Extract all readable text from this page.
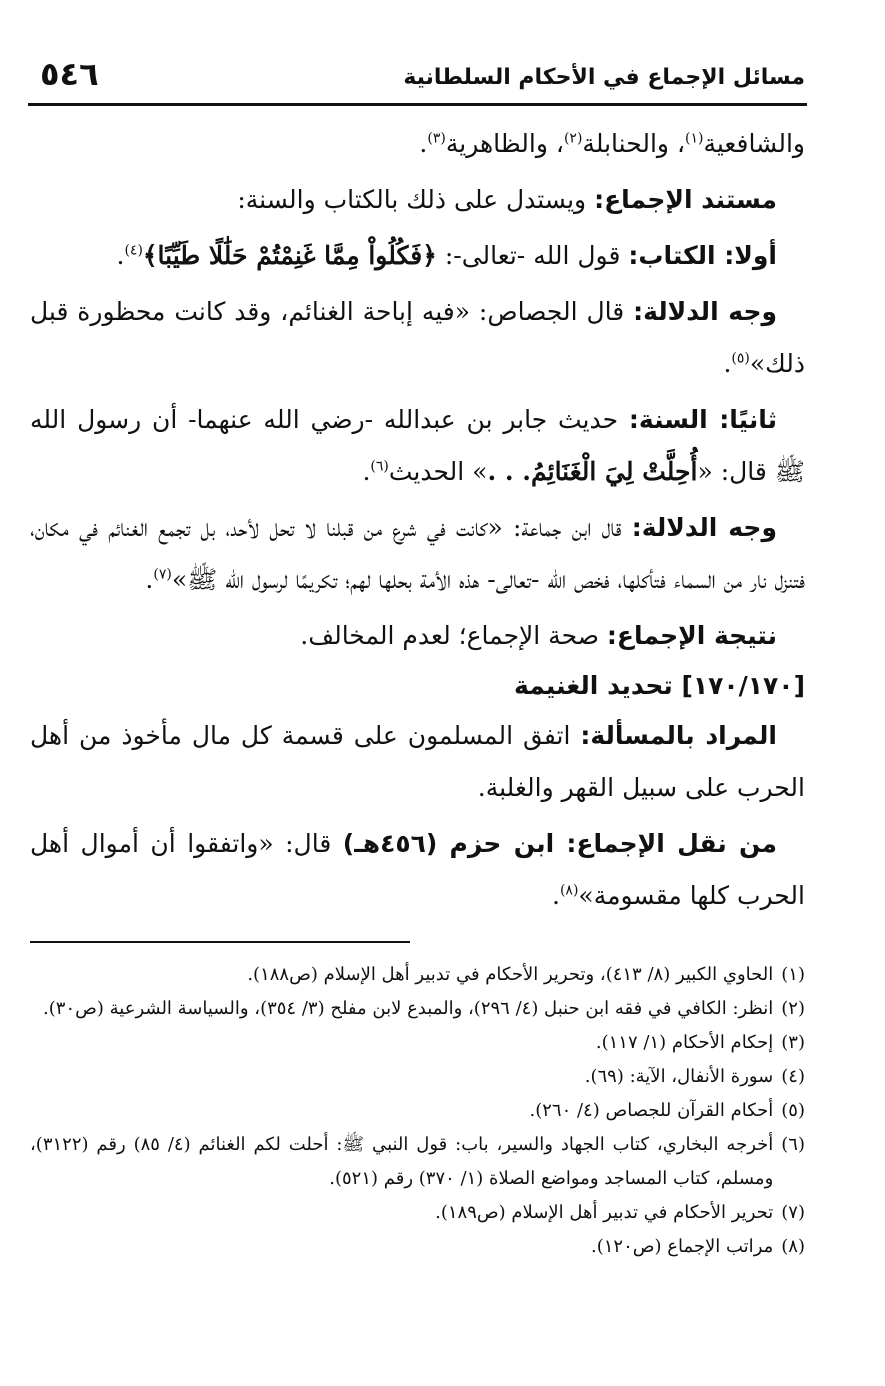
مسائل الإجماع في الأحكام السلطانية
٥٤٦

والشافعية$^{(١)}$، والحنابلة$^{(٢)}$، والظاهرية$^{(٣)}$.

مستند الإجماع: ويستدل على ذلك بالكتاب والسنة:

أولا: الكتاب: قول الله -تعالى-: ﴿فَكُلُواْ مِمَّا غَنِمْتُمْ حَلَٰلًا طَيِّبًا﴾$^{(٤)}$.

وجه الدلالة: قال الجصاص: «فيه إباحة الغنائم، وقد كانت محظورة قبل ذلك»$^{(٥)}$.

ثانيًا: السنة: حديث جابر بن عبدالله -رضي الله عنهما- أن رسول الله ﷺ قال: «أُحِلَّتْ لِيَ الْغَنَائِمُ. . .» الحديث$^{(٦)}$.

وجه الدلالة: قال ابن جماعة: «كانت في شرع من قبلنا لا تحل لأحد، بل تجمع الغنائم في مكان، فتنزل نار من السماء فتأكلها، فخص الله -تعالى- هذه الأمة بحلها لهم؛ تكريمًا لرسول الله ﷺ»$^{(٧)}$.

نتيجة الإجماع: صحة الإجماع؛ لعدم المخالف.

[١٧٠/١٧٠] تحديد الغنيمة

المراد بالمسألة: اتفق المسلمون على قسمة كل مال مأخوذ من أهل الحرب على سبيل القهر والغلبة.

من نقل الإجماع: ابن حزم (٤٥٦هـ) قال: «واتفقوا أن أموال أهل الحرب كلها مقسومة»$^{(٨)}$.

(١)
الحاوي الكبير (٨/ ٤١٣)، وتحرير الأحكام في تدبير أهل الإسلام (ص١٨٨).
(٢)
انظر: الكافي في فقه ابن حنبل (٤/ ٢٩٦)، والمبدع لابن مفلح (٣/ ٣٥٤)، والسياسة الشرعية (ص٣٠).
(٣)
إحكام الأحكام (١/ ١١٧).
(٤)
سورة الأنفال، الآية: (٦٩).
(٥)
أحكام القرآن للجصاص (٤/ ٢٦٠).
(٦)
أخرجه البخاري، كتاب الجهاد والسير، باب: قول النبي ﷺ: أحلت لكم الغنائم (٤/ ٨٥) رقم (٣١٢٢)، ومسلم، كتاب المساجد ومواضع الصلاة (١/ ٣٧٠) رقم (٥٢١).
(٧)
تحرير الأحكام في تدبير أهل الإسلام (ص١٨٩).
(٨)
مراتب الإجماع (ص١٢٠).
